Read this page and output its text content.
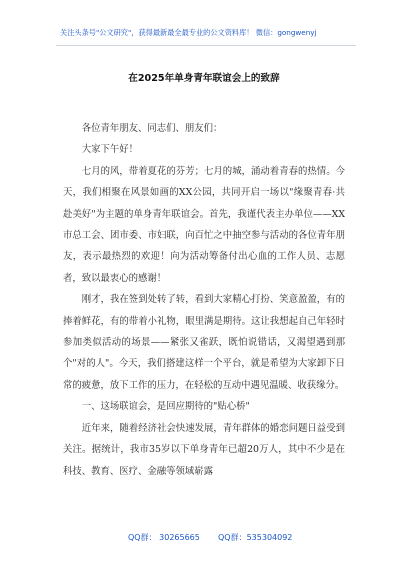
关注头条号"公文研究"，获得最新最全最专业的公文资料库！ 微信：gongwenyj
在2025年单身青年联谊会上的致辞
各位青年朋友、同志们、朋友们：
大家下午好！
七月的风，带着夏花的芬芳；七月的城，涌动着青春的热情。今天，我们相聚在风景如画的XX公园，共同开启一场以"缘聚青春·共赴美好"为主题的单身青年联谊会。首先，我谨代表主办单位——XX市总工会、团市委、市妇联，向百忙之中抽空参与活动的各位青年朋友，表示最热烈的欢迎！向为活动筹备付出心血的工作人员、志愿者，致以最衷心的感谢！
刚才，我在签到处转了转，看到大家精心打扮、笑意盈盈，有的捧着鲜花，有的带着小礼物，眼里满是期待。这让我想起自己年轻时参加类似活动的场景——紧张又雀跃，既怕说错话，又渴望遇到那个"对的人"。今天，我们搭建这样一个平台，就是希望为大家卸下日常的疲惫，放下工作的压力，在轻松的互动中遇见温暖、收获缘分。
一、这场联谊会，是回应期待的"贴心桥"
近年来，随着经济社会快速发展，青年群体的婚恋问题日益受到关注。据统计，我市35岁以下单身青年已超20万人，其中不少是在科技、教育、医疗、金融等领域崭露
QQ群： 30265665 QQ群：535304092
